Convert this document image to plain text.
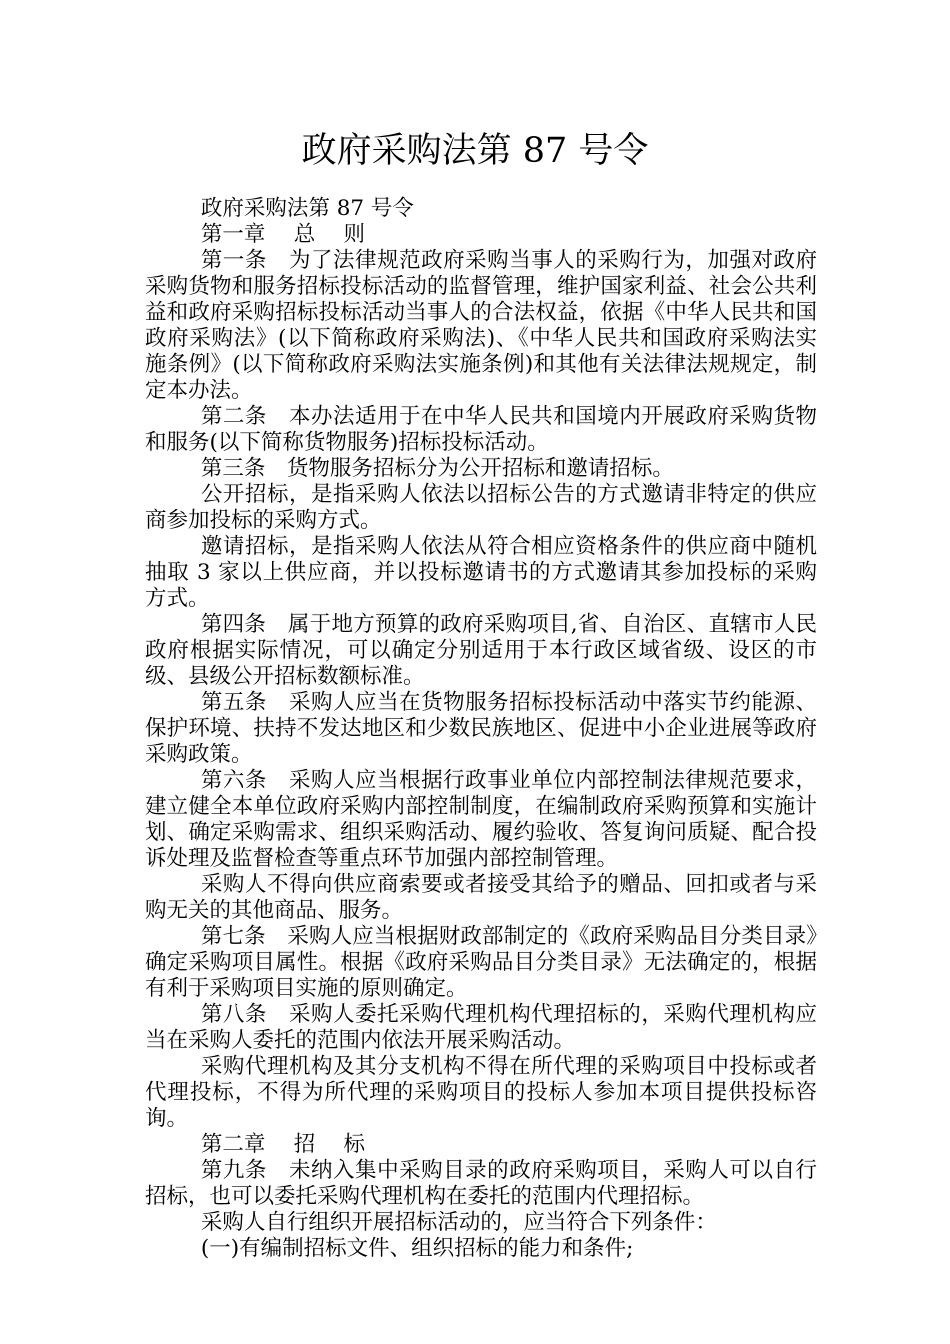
政府采购法第 87 号令

政府采购法第 87 号令

第一章　 总　 则

第一条　为了法律规范政府采购当事人的采购行为，加强对政府采购货物和服务招标投标活动的监督管理，维护国家利益、社会公共利益和政府采购招标投标活动当事人的合法权益，依据《中华人民共和国政府采购法》(以下简称政府采购法)、《中华人民共和国政府采购法实施条例》(以下简称政府采购法实施条例)和其他有关法律法规规定，制定本办法。

第二条　本办法适用于在中华人民共和国境内开展政府采购货物和服务(以下简称货物服务)招标投标活动。

第三条　货物服务招标分为公开招标和邀请招标。

公开招标，是指采购人依法以招标公告的方式邀请非特定的供应商参加投标的采购方式。

邀请招标，是指采购人依法从符合相应资格条件的供应商中随机抽取 3 家以上供应商，并以投标邀请书的方式邀请其参加投标的采购方式。

第四条　属于地方预算的政府采购项目,省、自治区、直辖市人民政府根据实际情况，可以确定分别适用于本行政区域省级、设区的市级、县级公开招标数额标准。

第五条　采购人应当在货物服务招标投标活动中落实节约能源、保护环境、扶持不发达地区和少数民族地区、促进中小企业进展等政府采购政策。

第六条　采购人应当根据行政事业单位内部控制法律规范要求，建立健全本单位政府采购内部控制制度，在编制政府采购预算和实施计划、确定采购需求、组织采购活动、履约验收、答复询问质疑、配合投诉处理及监督检查等重点环节加强内部控制管理。

采购人不得向供应商索要或者接受其给予的赠品、回扣或者与采购无关的其他商品、服务。

第七条　采购人应当根据财政部制定的《政府采购品目分类目录》确定采购项目属性。根据《政府采购品目分类目录》无法确定的，根据有利于采购项目实施的原则确定。

第八条　采购人委托采购代理机构代理招标的，采购代理机构应当在采购人委托的范围内依法开展采购活动。

采购代理机构及其分支机构不得在所代理的采购项目中投标或者代理投标，不得为所代理的采购项目的投标人参加本项目提供投标咨询。

第二章　 招　 标

第九条　未纳入集中采购目录的政府采购项目，采购人可以自行招标，也可以委托采购代理机构在委托的范围内代理招标。

采购人自行组织开展招标活动的，应当符合下列条件：

(一)有编制招标文件、组织招标的能力和条件;
